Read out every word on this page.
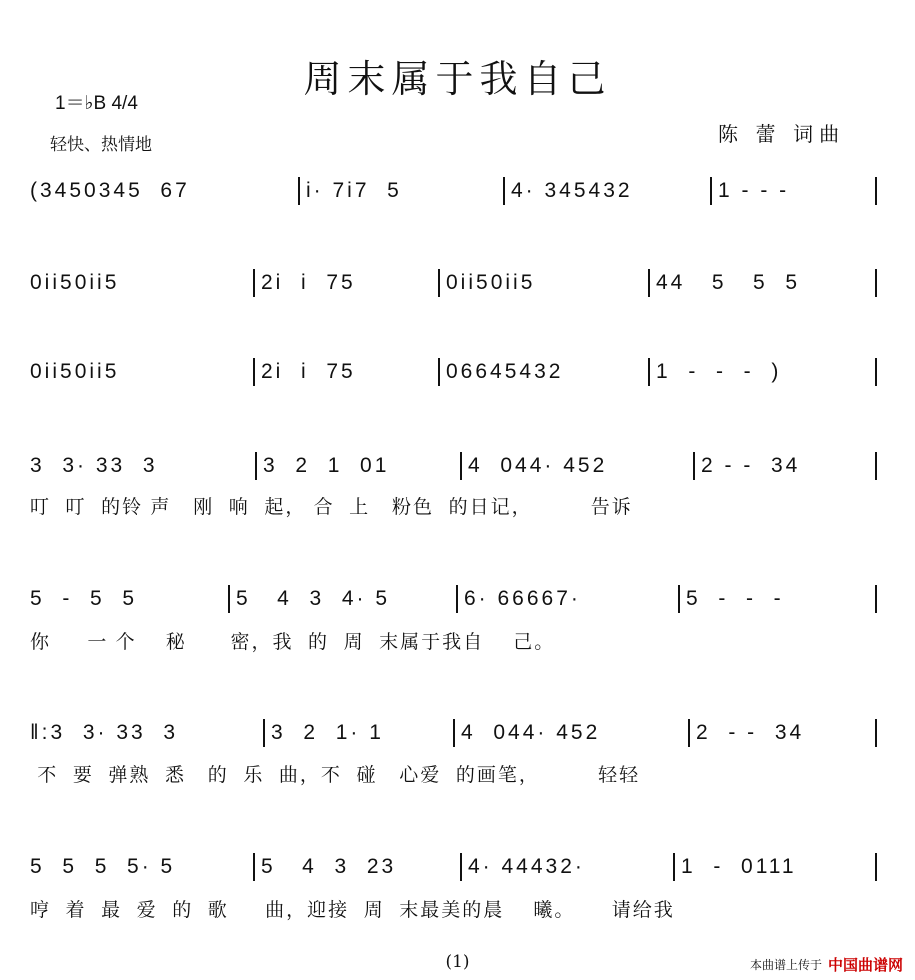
周末属于我自己
1＝♭B 4/4
轻快、热情地	陈 蕾 词曲
(3450345  67	i· 7i7  5	4· 345432	1 - - -
0ii50ii5	2i  i  75	0ii50ii5	44   5   5  5
0ii50ii5	2i  i  75	06645432	1  -  -  -  )
3  3· 33  3	3  2  1  01	4  044· 452	2 - -  34
叮  叮  的铃 声   刚  响  起， 合  上   粉色  的日记，        告诉
5  -  5  5	5   4  3  4· 5	6· 66667·	5  -  -  -
你     一 个    秘      密，我  的  周  末属于我自    己。
‖:3  3· 33  3	3  2  1· 1	4  044· 452	2  - -  34
不  要  弹熟  悉   的  乐  曲，不  碰   心爱  的画笔，        轻轻
5  5  5  5· 5	5   4  3  23	4· 44432·	1  -  0111
哼  着  最  爱  的  歌     曲，迎接  周  末最美的晨    曦。     请给我
(1)	本曲谱上传于 中国曲谱网
